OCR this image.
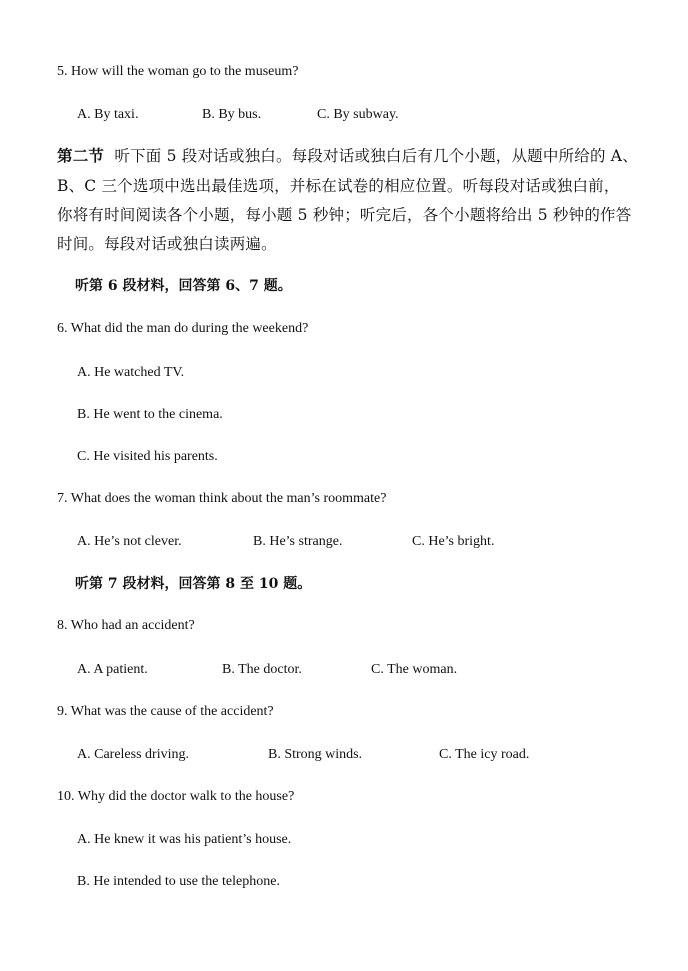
5. How will the woman go to the museum?
A. By taxi.	B. By bus.	C. By subway.
第二节  听下面 5 段对话或独白。每段对话或独白后有几个小题，从题中所给的 A、
B、C 三个选项中选出最佳选项，并标在试卷的相应位置。听每段对话或独白前，
你将有时间阅读各个小题，每小题 5 秒钟；听完后，各个小题将给出 5 秒钟的作答
时间。每段对话或独白读两遍。
听第 6 段材料，回答第 6、7 题。
6. What did the man do during the weekend?
A. He watched TV.
B. He went to the cinema.
C. He visited his parents.
7. What does the woman think about the man’s roommate?
A. He’s not clever.	B. He’s strange.	C. He’s bright.
听第 7 段材料，回答第 8 至 10 题。
8. Who had an accident?
A. A patient.	B. The doctor.	C. The woman.
9. What was the cause of the accident?
A. Careless driving.	B. Strong winds.	C. The icy road.
10. Why did the doctor walk to the house?
A. He knew it was his patient’s house.
B. He intended to use the telephone.
